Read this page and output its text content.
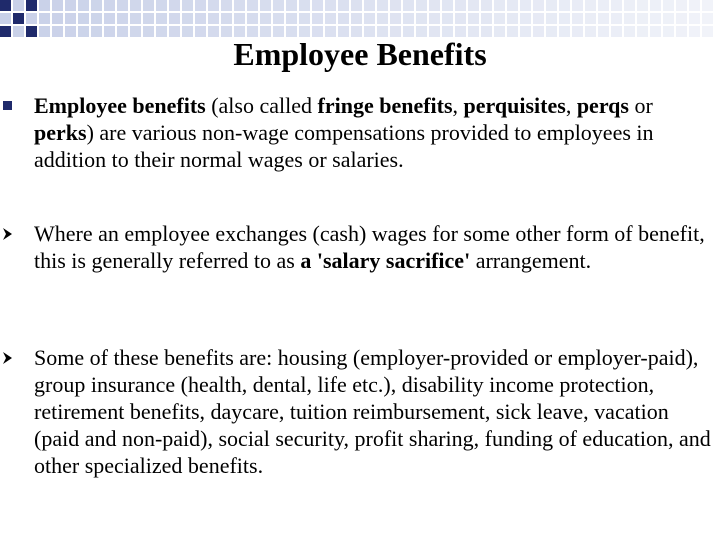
Employee Benefits
Employee benefits (also called fringe benefits, perquisites, perqs or perks) are various non-wage compensations provided to employees in addition to their normal wages or salaries.
Where an employee exchanges (cash) wages for some other form of benefit, this is generally referred to as a 'salary sacrifice' arrangement.
Some of these benefits are: housing (employer-provided or employer-paid), group insurance (health, dental, life etc.), disability income protection, retirement benefits, daycare, tuition reimbursement, sick leave, vacation (paid and non-paid), social security, profit sharing, funding of education, and other specialized benefits.
